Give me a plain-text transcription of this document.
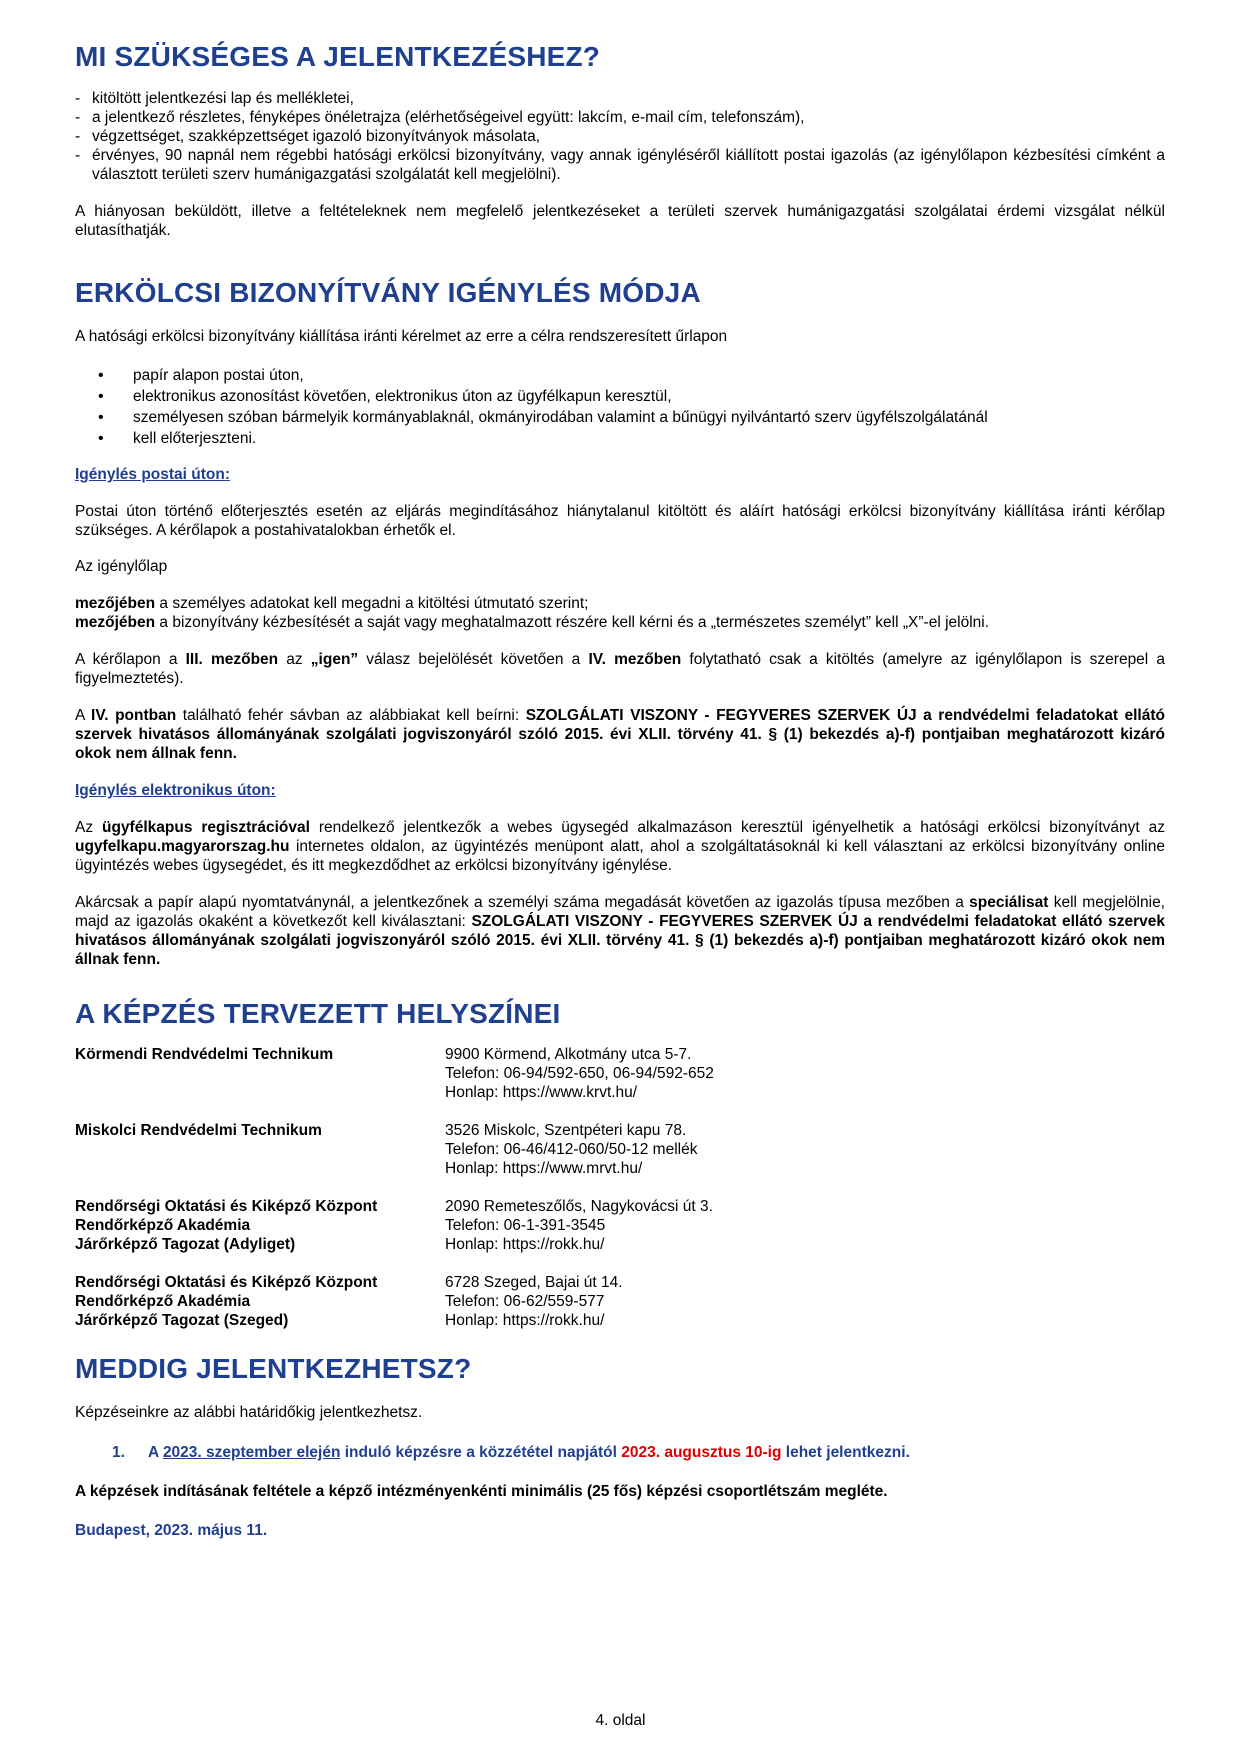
MI SZÜKSÉGES A JELENTKEZÉSHEZ?
- kitöltött jelentkezési lap és mellékletei,
- a jelentkező részletes, fényképes önéletrajza (elérhetőségeivel együtt: lakcím, e-mail cím, telefonszám),
- végzettséget, szakképzettséget igazoló bizonyítványok másolata,
- érvényes, 90 napnál nem régebbi hatósági erkölcsi bizonyítvány, vagy annak igényléséről kiállított postai igazolás (az igénylőlapon kézbesítési címként a választott területi szerv humánigazgatási szolgálatát kell megjelölni).

A hiányosan beküldött, illetve a feltételeknek nem megfelelő jelentkezéseket a területi szervek humánigazgatási szolgálatai érdemi vizsgálat nélkül elutasíthatják.

ERKÖLCSI BIZONYÍTVÁNY IGÉNYLÉS MÓDJA

A hatósági erkölcsi bizonyítvány kiállítása iránti kérelmet az erre a célra rendszeresített űrlapon

• papír alapon postai úton,
• elektronikus azonosítást követően, elektronikus úton az ügyfélkapun keresztül,
• személyesen szóban bármelyik kormányablaknál, okmányirodában valamint a bűnügyi nyilvántartó szerv ügyfélszolgálatánál
• kell előterjeszteni.

Igénylés postai úton:

Postai úton történő előterjesztés esetén az eljárás megindításához hiánytalanul kitöltött és aláírt hatósági erkölcsi bizonyítvány kiállítása iránti kérőlap szükséges. A kérőlapok a postahivatalokban érhetők el.

Az igénylőlap

mezőjében a személyes adatokat kell megadni a kitöltési útmutató szerint;

mezőjében a bizonyítvány kézbesítését a saját vagy meghatalmazott részére kell kérni és a „természetes személyt” kell „X”-el jelölni.

A kérőlapon a III. mezőben az „igen” válasz bejelölését követően a IV. mezőben folytatható csak a kitöltés (amelyre az igénylőlapon is szerepel a figyelmeztetés).

A IV. pontban található fehér sávban az alábbiakat kell beírni: SZOLGÁLATI VISZONY - FEGYVERES SZERVEK ÚJ a rendvédelmi feladatokat ellátó szervek hivatásos állományának szolgálati jogviszonyáról szóló 2015. évi XLII. törvény 41. § (1) bekezdés a)-f) pontjaiban meghatározott kizáró okok nem állnak fenn.

Igénylés elektronikus úton:

Az ügyfélkapus regisztrációval rendelkező jelentkezők a webes ügysegéd alkalmazáson keresztül igényelhetik a hatósági erkölcsi bizonyítványt az ugyfelkapu.magyarorszag.hu internetes oldalon, az ügyintézés menüpont alatt, ahol a szolgáltatásoknál ki kell választani az erkölcsi bizonyítvány online ügyintézés webes ügysegédet, és itt megkezdődhet az erkölcsi bizonyítvány igénylése.

Akárcsak a papír alapú nyomtatványnál, a jelentkezőnek a személyi száma megadását követően az igazolás típusa mezőben a speciálisat kell megjelölnie, majd az igazolás okaként a következőt kell kiválasztani: SZOLGÁLATI VISZONY - FEGYVERES SZERVEK ÚJ a rendvédelmi feladatokat ellátó szervek hivatásos állományának szolgálati jogviszonyáról szóló 2015. évi XLII. törvény 41. § (1) bekezdés a)-f) pontjaiban meghatározott kizáró okok nem állnak fenn.

A KÉPZÉS TERVEZETT HELYSZÍNEI
Körmendi Rendvédelmi Technikum	9900 Körmend, Alkotmány utca 5-7.
Telefon: 06-94/592-650, 06-94/592-652
Honlap: https://www.krvt.hu/
Miskolci Rendvédelmi Technikum	3526 Miskolc, Szentpéteri kapu 78.
Telefon: 06-46/412-060/50-12 mellék
Honlap: https://www.mrvt.hu/
Rendőrségi Oktatási és Kiképző Központ
Rendőrképző Akadémia
Járőrképző Tagozat (Adyliget)
2090 Remeteszőlős, Nagykovácsi út 3.
Telefon: 06-1-391-3545
Honlap: https://rokk.hu/
Rendőrségi Oktatási és Kiképző Központ
Rendőrképző Akadémia
Járőrképző Tagozat (Szeged)
6728 Szeged, Bajai út 14.
Telefon: 06-62/559-577
Honlap: https://rokk.hu/
MEDDIG JELENTKEZHETSZ?

Képzéseinkre az alábbi határidőkig jelentkezhetsz.

1. A 2023. szeptember elején induló képzésre a közzététel napjától 2023. augusztus 10-ig lehet jelentkezni.

A képzések indításának feltétele a képző intézményenkénti minimális (25 fős) képzési csoportlétszám megléte.

Budapest, 2023. május 11.

4. oldal
